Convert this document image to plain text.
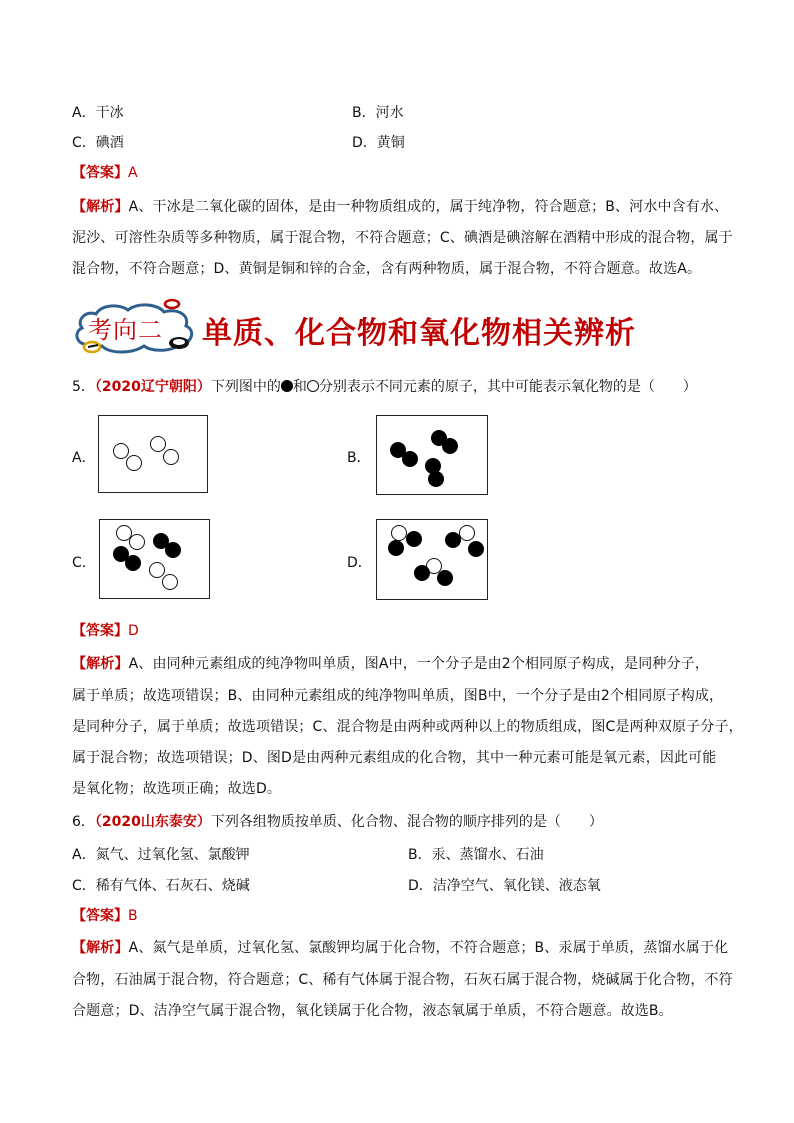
A．干冰	B．河水
C．碘酒	D．黄铜
【答案】A
【解析】A、干冰是二氧化碳的固体，是由一种物质组成的，属于纯净物，符合题意；B、河水中含有水、
泥沙、可溶性杂质等多种物质，属于混合物，不符合题意；C、碘酒是碘溶解在酒精中形成的混合物，属于
混合物，不符合题意；D、黄铜是铜和锌的合金，含有两种物质，属于混合物，不符合题意。故选A。
考向二 单质、化合物和氧化物相关辨析
5．（2020辽宁朝阳）下列图中的 和 分别表示不同元素的原子，其中可能表示氧化物的是（　　）
A．	B．
C．	D．
【答案】D
【解析】A、由同种元素组成的纯净物叫单质，图A中，一个分子是由2个相同原子构成，是同种分子，
属于单质；故选项错误；B、由同种元素组成的纯净物叫单质，图B中，一个分子是由2个相同原子构成，
是同种分子，属于单质；故选项错误；C、混合物是由两种或两种以上的物质组成，图C是两种双原子分子，
属于混合物；故选项错误；D、图D是由两种元素组成的化合物，其中一种元素可能是氧元素，因此可能
是氧化物；故选项正确；故选D。
6．（2020山东泰安）下列各组物质按单质、化合物、混合物的顺序排列的是（　　）
A．氮气、过氧化氢、氯酸钾	B．汞、蒸馏水、石油
C．稀有气体、石灰石、烧碱	D．洁净空气、氧化镁、液态氧
【答案】B
【解析】A、氮气是单质，过氧化氢、氯酸钾均属于化合物，不符合题意；B、汞属于单质，蒸馏水属于化
合物，石油属于混合物，符合题意；C、稀有气体属于混合物，石灰石属于混合物，烧碱属于化合物，不符
合题意；D、洁净空气属于混合物，氧化镁属于化合物，液态氧属于单质，不符合题意。故选B。
